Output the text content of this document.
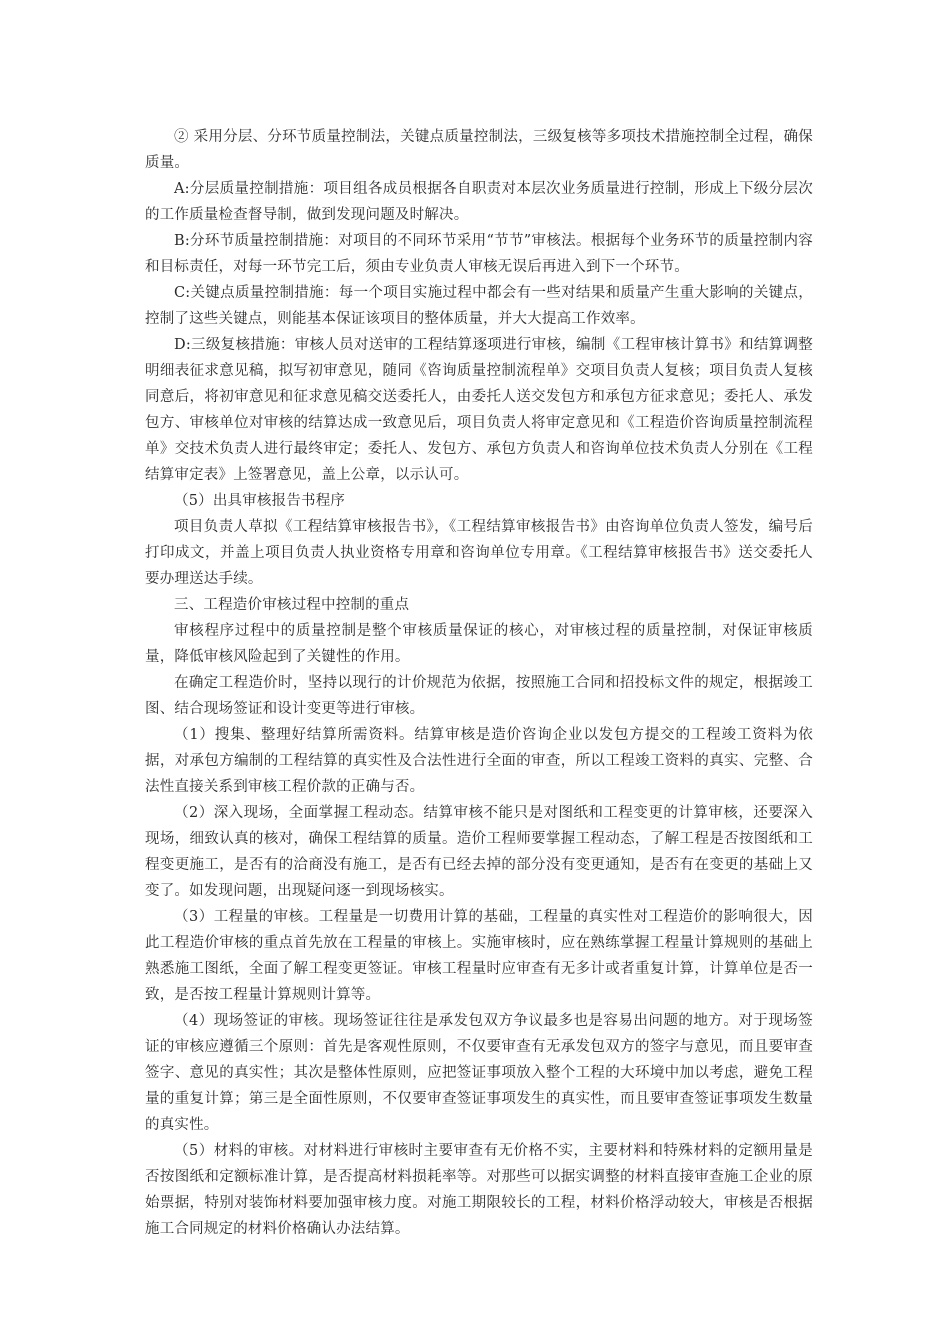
② 采用分层、分环节质量控制法，关键点质量控制法，三级复核等多项技术措施控制全过程，确保质量。

A:分层质量控制措施：项目组各成员根据各自职责对本层次业务质量进行控制，形成上下级分层次的工作质量检查督导制，做到发现问题及时解决。

B:分环节质量控制措施：对项目的不同环节采用“节节”审核法。根据每个业务环节的质量控制内容和目标责任，对每一环节完工后，须由专业负责人审核无误后再进入到下一个环节。

C:关键点质量控制措施：每一个项目实施过程中都会有一些对结果和质量产生重大影响的关键点，控制了这些关键点，则能基本保证该项目的整体质量，并大大提高工作效率。

D:三级复核措施：审核人员对送审的工程结算逐项进行审核，编制《工程审核计算书》和结算调整明细表征求意见稿，拟写初审意见，随同《咨询质量控制流程单》交项目负责人复核；项目负责人复核同意后，将初审意见和征求意见稿交送委托人，由委托人送交发包方和承包方征求意见；委托人、承发包方、审核单位对审核的结算达成一致意见后，项目负责人将审定意见和《工程造价咨询质量控制流程单》交技术负责人进行最终审定；委托人、发包方、承包方负责人和咨询单位技术负责人分别在《工程结算审定表》上签署意见，盖上公章，以示认可。

（5）出具审核报告书程序

项目负责人草拟《工程结算审核报告书》，《工程结算审核报告书》由咨询单位负责人签发，编号后打印成文，并盖上项目负责人执业资格专用章和咨询单位专用章。《工程结算审核报告书》送交委托人要办理送达手续。

三、工程造价审核过程中控制的重点

审核程序过程中的质量控制是整个审核质量保证的核心，对审核过程的质量控制，对保证审核质量，降低审核风险起到了关键性的作用。

在确定工程造价时，坚持以现行的计价规范为依据，按照施工合同和招投标文件的规定，根据竣工图、结合现场签证和设计变更等进行审核。

（1）搜集、整理好结算所需资料。结算审核是造价咨询企业以发包方提交的工程竣工资料为依据，对承包方编制的工程结算的真实性及合法性进行全面的审查，所以工程竣工资料的真实、完整、合法性直接关系到审核工程价款的正确与否。

（2）深入现场，全面掌握工程动态。结算审核不能只是对图纸和工程变更的计算审核，还要深入现场，细致认真的核对，确保工程结算的质量。造价工程师要掌握工程动态，了解工程是否按图纸和工程变更施工，是否有的洽商没有施工，是否有已经去掉的部分没有变更通知，是否有在变更的基础上又变了。如发现问题，出现疑问逐一到现场核实。

（3）工程量的审核。工程量是一切费用计算的基础，工程量的真实性对工程造价的影响很大，因此工程造价审核的重点首先放在工程量的审核上。实施审核时，应在熟练掌握工程量计算规则的基础上熟悉施工图纸，全面了解工程变更签证。审核工程量时应审查有无多计或者重复计算，计算单位是否一致，是否按工程量计算规则计算等。

（4）现场签证的审核。现场签证往往是承发包双方争议最多也是容易出问题的地方。对于现场签证的审核应遵循三个原则：首先是客观性原则，不仅要审查有无承发包双方的签字与意见，而且要审查签字、意见的真实性；其次是整体性原则，应把签证事项放入整个工程的大环境中加以考虑，避免工程量的重复计算；第三是全面性原则，不仅要审查签证事项发生的真实性，而且要审查签证事项发生数量的真实性。

（5）材料的审核。对材料进行审核时主要审查有无价格不实，主要材料和特殊材料的定额用量是否按图纸和定额标准计算，是否提高材料损耗率等。对那些可以据实调整的材料直接审查施工企业的原始票据，特别对装饰材料要加强审核力度。对施工期限较长的工程，材料价格浮动较大，审核是否根据施工合同规定的材料价格确认办法结算。
